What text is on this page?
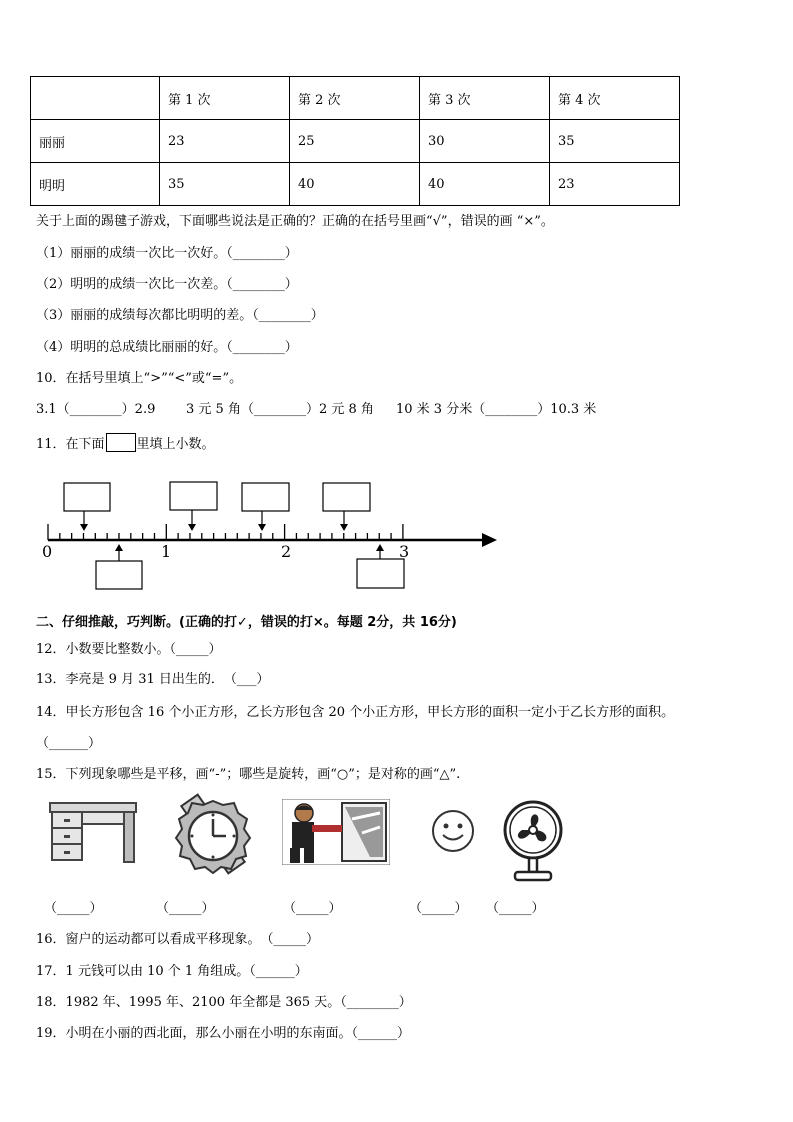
	第 1 次	第 2 次	第 3 次	第 4 次
丽丽	23	25	30	35
明明	35	40	40	23
关于上面的踢毽子游戏，下面哪些说法是正确的？正确的在括号里画“√”，错误的画 “×”。
（1）丽丽的成绩一次比一次好。（________）
（2）明明的成绩一次比一次差。（________）
（3）丽丽的成绩每次都比明明的差。（________）
（4）明明的总成绩比丽丽的好。（________）
10．在括号里填上“>”“<”或“=”。
3.1（________）2.9 3 元 5 角（________）2 元 8 角 10 米 3 分米（________）10.3 米
11．在下面 里填上小数。
0	1	2	3
二、仔细推敲，巧判断。(正确的打✓，错误的打×。每题 2分，共 16分)
12．小数要比整数小。（_____）
13．李亮是 9 月 31 日出生的．　（___）
14．甲长方形包含 16 个小正方形，乙长方形包含 20 个小正方形，甲长方形的面积一定小于乙长方形的面积。
（______）
15．下列现象哪些是平移，画“-”；哪些是旋转，画“○”；是对称的画“△”.
（_____）	（_____）	（_____）	（_____） （_____）
16．窗户的运动都可以看成平移现象。　（_____）
17．1 元钱可以由 10 个 1 角组成。（______）
18．1982 年、1995 年、2100 年全都是 365 天。（________）
19．小明在小丽的西北面，那么小丽在小明的东南面。（______）
